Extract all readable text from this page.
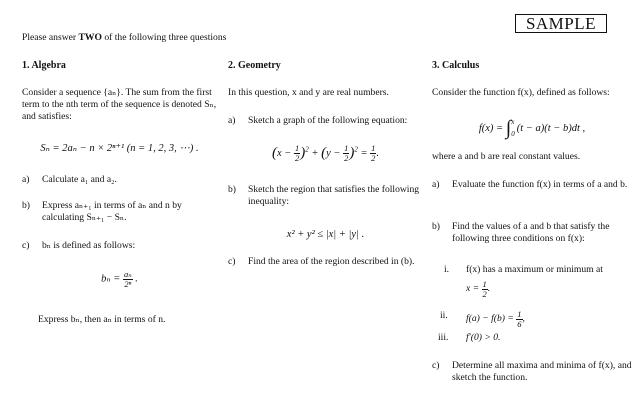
SAMPLE
Please answer TWO of the following three questions
1. Algebra
Consider a sequence {aₙ}. The sum from the first term to the nth term of the sequence is denoted Sₙ, and satisfies:
Sₙ = 2aₙ − n × 2ⁿ⁺¹ (n = 1, 2, 3, ⋯) .
a) Calculate a₁ and a₂.
b) Express aₙ₊₁ in terms of aₙ and n by calculating Sₙ₊₁ − Sₙ.
c) bₙ is defined as follows:
$b_n = \frac{\text{aₙ}}{\text{2ⁿ}}$ .
Express bₙ, then aₙ in terms of n.
2. Geometry
In this question, x and y are real numbers.
a) Sketch a graph of the following equation:
$(x - \frac{1}{2} )^2 + (y - \frac{1}{2} )^2 = \frac{1}{2}$ .
b) Sketch the region that satisfies the following inequality:
x² + y² ≤ |x| + |y| .
c) Find the area of the region described in (b).
3. Calculus
Consider the function f(x), defined as follows:
f(x) = ∫ x
0 (t − a)(t − b)dt ,
where a and b are real constant values.
a) Evaluate the function f(x) in terms of a and b.
b) Find the values of a and b that satisfy the following three conditions on f(x):
i. f(x) has a maximum or minimum at
$x = \frac{1}{2}$ .
ii. $f(a) - f(b) = \frac{1}{6}$ ,
iii. f′(0) > 0.
c) Determine all maxima and minima of f(x), and sketch the function.
